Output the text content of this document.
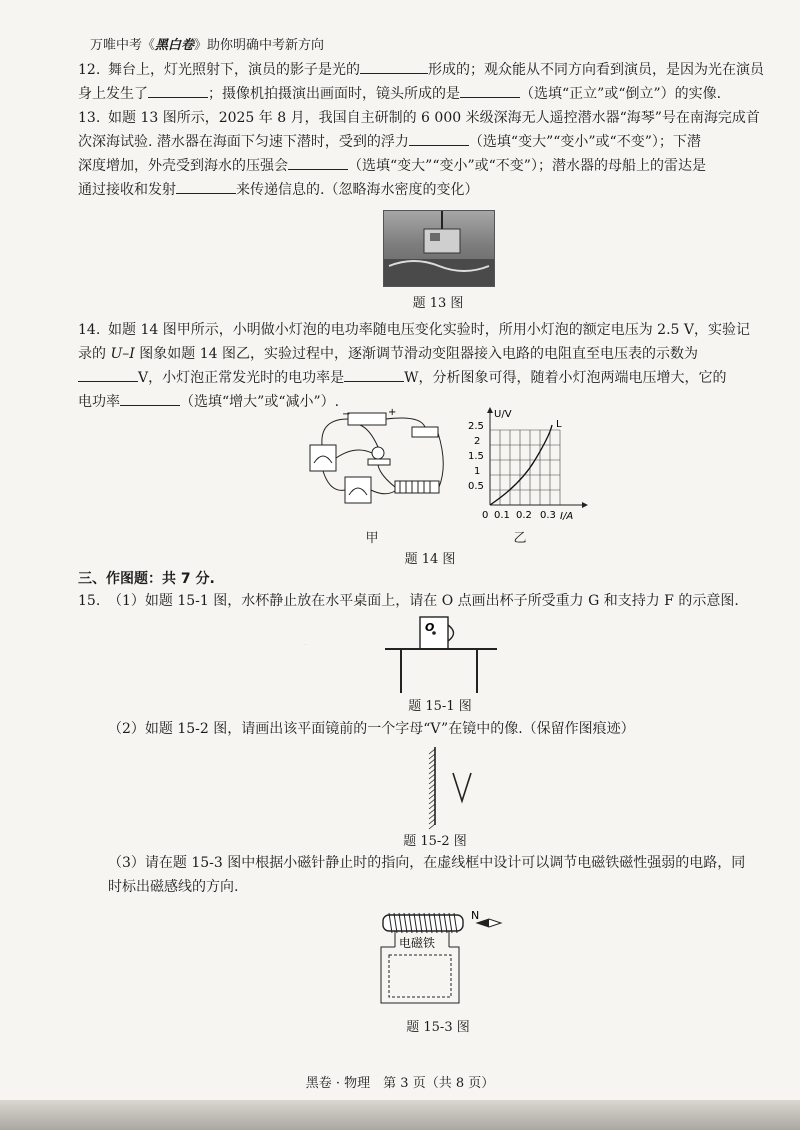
万唯中考《黑白卷》助你明确中考新方向
12. 舞台上，灯光照射下，演员的影子是光的	形成的；观众能从不同方向看到演员，是因为光在演员
身上发生了	；摄像机拍摄演出画面时，镜头所成的是	（选填“正立”或“倒立”）的实像.
13. 如题 13 图所示，2025 年 8 月，我国自主研制的 6 000 米级深海无人遥控潜水器“海琴”号在南海完成首
次深海试验. 潜水器在海面下匀速下潜时，受到的浮力	（选填“变大”“变小”或“不变”）；下潜
深度增加，外壳受到海水的压强会	（选填“变大”“变小”或“不变”）；潜水器的母船上的雷达是
通过接收和发射	来传递信息的.（忽略海水密度的变化）
题 13 图
14. 如题 14 图甲所示，小明做小灯泡的电功率随电压变化实验时，所用小灯泡的额定电压为 2.5 V，实验记
录的 U–I 图象如题 14 图乙，实验过程中，逐渐调节滑动变阻器接入电路的电阻直至电压表的示数为
V，小灯泡正常发光时的电功率是	W，分析图象可得，随着小灯泡两端电压增大，它的
电功率	（选填“增大”或“减小”）.
−	+
甲
U/V
I/A
0
L
2.5
2
1.5
1
0.5
0.1 0.2 0.3
乙
题 14 图
三、作图题：共 7 分.
15. （1）如题 15-1 图，水杯静止放在水平桌面上，请在 O 点画出杯子所受重力 G 和支持力 F 的示意图.
O
题 15-1 图
（2）如题 15-2 图，请画出该平面镜前的一个字母“V”在镜中的像.（保留作图痕迹）
V
题 15-2 图
（3）请在题 15-3 图中根据小磁针静止时的指向，在虚线框中设计可以调节电磁铁磁性强弱的电路，同
时标出磁感线的方向.
电磁铁
N
题 15-3 图
黑卷 · 物理　第 3 页（共 8 页）
